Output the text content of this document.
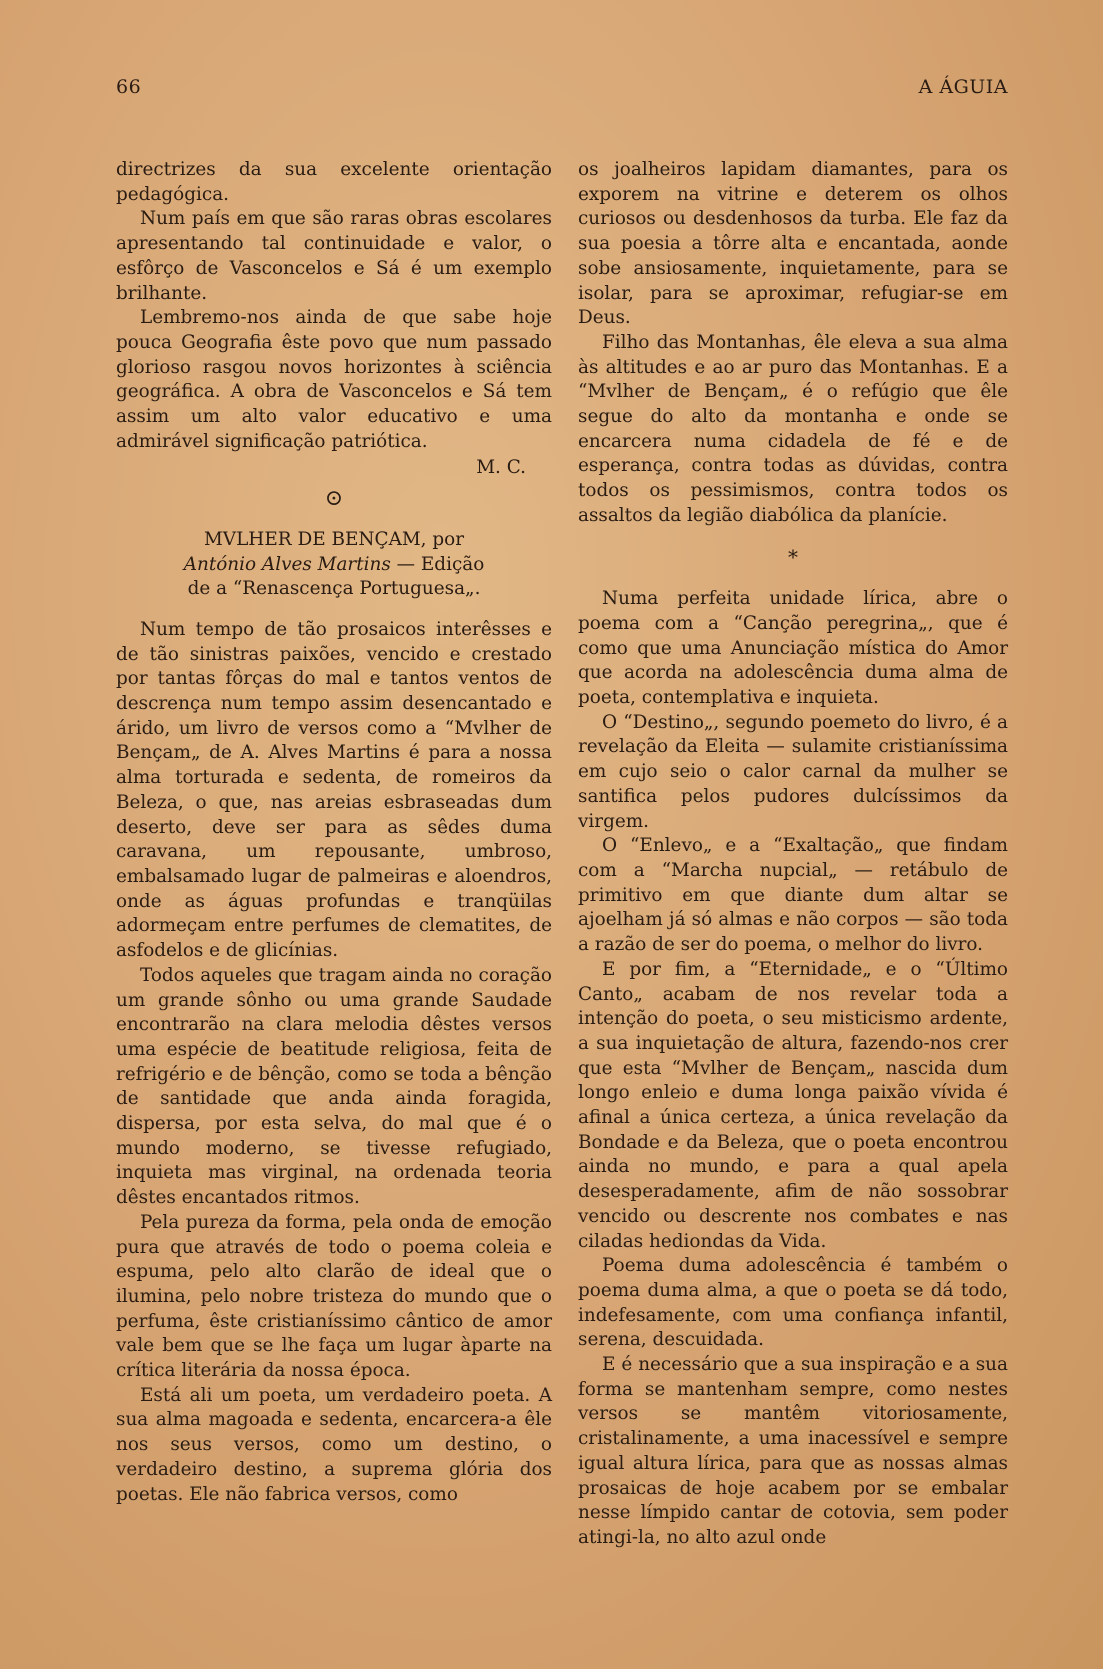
66	A ÁGUIA

directrizes da sua excelente orientação pedagógica.

Num país em que são raras obras escolares apresentando tal continuidade e valor, o esfôrço de Vasconcelos e Sá é um exemplo brilhante.

Lembremo-nos ainda de que sabe hoje pouca Geografia êste povo que num passado glorioso rasgou novos horizontes à sciência geográfica. A obra de Vasconcelos e Sá tem assim um alto valor educativo e uma admirável significação patriótica.

M. C.
⊙
MVLHER DE BENÇAM, por
António Alves Martins — Edição
de a “Renascença Portuguesa„.

Num tempo de tão prosaicos interêsses e de tão sinistras paixões, vencido e crestado por tantas fôrças do mal e tantos ventos de descrença num tempo assim desencantado e árido, um livro de versos como a “Mvlher de Bençam„ de A. Alves Martins é para a nossa alma torturada e sedenta, de romeiros da Beleza, o que, nas areias esbraseadas dum deserto, deve ser para as sêdes duma caravana, um repousante, umbroso, embalsamado lugar de palmeiras e aloendros, onde as águas profundas e tranqüilas adormeçam entre perfumes de clematites, de asfodelos e de glicínias.

Todos aqueles que tragam ainda no coração um grande sônho ou uma grande Saudade encontrarão na clara melodia dêstes versos uma espécie de beatitude religiosa, feita de refrigério e de bênção, como se toda a bênção de santidade que anda ainda foragida, dispersa, por esta selva, do mal que é o mundo moderno, se tivesse refugiado, inquieta mas virginal, na ordenada teoria dêstes encantados ritmos.

Pela pureza da forma, pela onda de emoção pura que através de todo o poema coleia e espuma, pelo alto clarão de ideal que o ilumina, pelo nobre tristeza do mundo que o perfuma, êste cristianíssimo cântico de amor vale bem que se lhe faça um lugar àparte na crítica literária da nossa época.

Está ali um poeta, um verdadeiro poeta. A sua alma magoada e sedenta, encarcera-a êle nos seus versos, como um destino, o verdadeiro destino, a suprema glória dos poetas. Ele não fabrica versos, como

os joalheiros lapidam diamantes, para os exporem na vitrine e deterem os olhos curiosos ou desdenhosos da turba. Ele faz da sua poesia a tôrre alta e encantada, aonde sobe ansiosamente, inquietamente, para se isolar, para se aproximar, refugiar-se em Deus.

Filho das Montanhas, êle eleva a sua alma às altitudes e ao ar puro das Montanhas. E a “Mvlher de Bençam„ é o refúgio que êle segue do alto da montanha e onde se encarcera numa cidadela de fé e de esperança, contra todas as dúvidas, contra todos os pessimismos, contra todos os assaltos da legião diabólica da planície.

*

Numa perfeita unidade lírica, abre o poema com a “Canção peregrina„, que é como que uma Anunciação mística do Amor que acorda na adolescência duma alma de poeta, contemplativa e inquieta.

O “Destino„, segundo poemeto do livro, é a revelação da Eleita — sulamite cristianíssima em cujo seio o calor carnal da mulher se santifica pelos pudores dulcíssimos da virgem.

O “Enlevo„ e a “Exaltação„ que findam com a “Marcha nupcial„ — retábulo de primitivo em que diante dum altar se ajoelham já só almas e não corpos — são toda a razão de ser do poema, o melhor do livro.

E por fim, a “Eternidade„ e o “Último Canto„ acabam de nos revelar toda a intenção do poeta, o seu misticismo ardente, a sua inquietação de altura, fazendo-nos crer que esta “Mvlher de Bençam„ nascida dum longo enleio e duma longa paixão vívida é afinal a única certeza, a única revelação da Bondade e da Beleza, que o poeta encontrou ainda no mundo, e para a qual apela desesperadamente, afim de não sossobrar vencido ou descrente nos combates e nas ciladas hediondas da Vida.

Poema duma adolescência é também o poema duma alma, a que o poeta se dá todo, indefesamente, com uma confiança infantil, serena, descuidada.

E é necessário que a sua inspiração e a sua forma se mantenham sempre, como nestes versos se mantêm vitoriosamente, cristalinamente, a uma inacessível e sempre igual altura lírica, para que as nossas almas prosaicas de hoje acabem por se embalar nesse límpido cantar de cotovia, sem poder atingi-la, no alto azul onde
